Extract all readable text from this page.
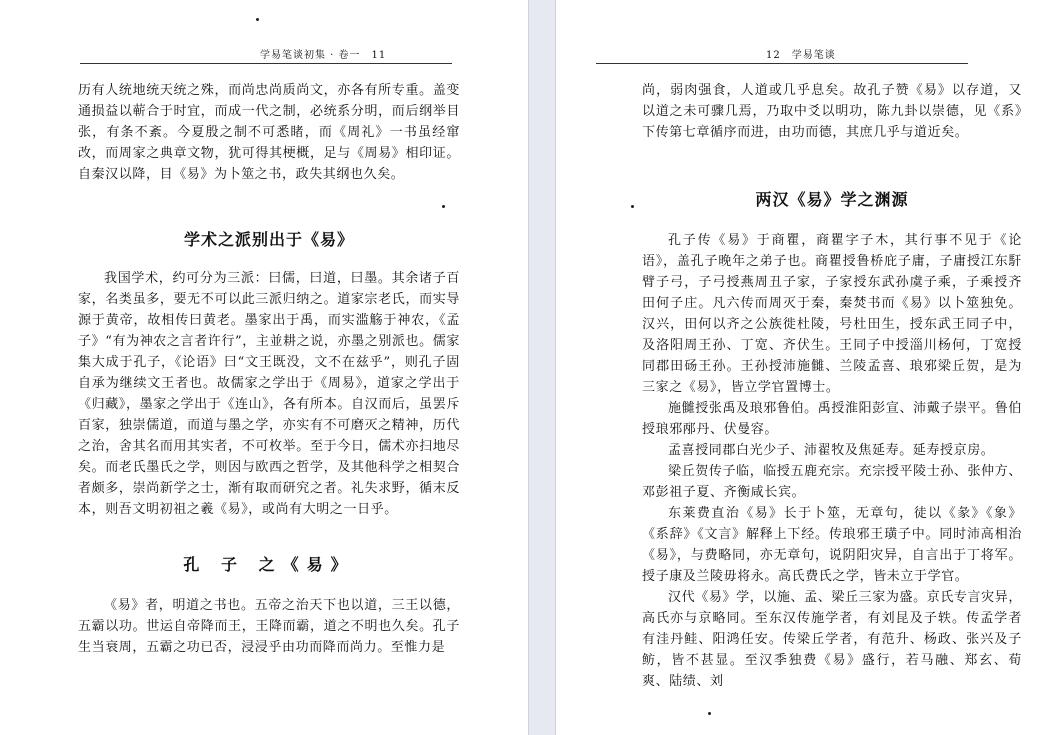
学易笔谈初集 · 卷一　11

历有人统地统天统之殊，而尚忠尚质尚文，亦各有所专重。盖变通损益以蕲合于时宜，而成一代之制，必统系分明，而后纲举目张，有条不紊。今夏殷之制不可悉睹，而《周礼》一书虽经窜改，而周家之典章文物，犹可得其梗概，足与《周易》相印证。自秦汉以降，目《易》为卜筮之书，政失其纲也久矣。

学术之派别出于《易》

我国学术，约可分为三派：曰儒，曰道，曰墨。其余诸子百家，名类虽多，要无不可以此三派归纳之。道家宗老氏，而实导源于黄帝，故相传曰黄老。墨家出于禹，而实滥觞于神农，《孟子》“有为神农之言者许行”，主並耕之说，亦墨之别派也。儒家集大成于孔子，《论语》曰“文王既没，文不在兹乎”，则孔子固自承为继续文王者也。故儒家之学出于《周易》，道家之学出于《归藏》，墨家之学出于《连山》，各有所本。自汉而后，虽罢斥百家，独崇儒道，而道与墨之学，亦实有不可磨灭之精神，历代之治，舍其名而用其实者，不可枚举。至于今日，儒术亦扫地尽矣。而老氏墨氏之学，则因与欧西之哲学，及其他科学之相契合者颇多，崇尚新学之士，渐有取而研究之者。礼失求野，循末反本，则吾文明初祖之羲《易》，或尚有大明之一日乎。

孔 子 之《易》

《易》者，明道之书也。五帝之治天下也以道，三王以德，五霸以功。世运自帝降而王，王降而霸，道之不明也久矣。孔子生当衰周，五霸之功已否，浸浸乎由功而降而尚力。至惟力是

12　学易笔谈

尚，弱肉强食，人道或几乎息矣。故孔子赞《易》以存道，又以道之未可骤几焉，乃取中爻以明功，陈九卦以崇德，见《系》下传第七章循序而进，由功而德，其庶几乎与道近矣。

两汉《易》学之渊源

孔子传《易》于商瞿，商瞿字子木，其行事不见于《论语》，盖孔子晚年之弟子也。商瞿授鲁桥庇子庸，子庸授江东馯臂子弓，子弓授燕周丑子家，子家授东武孙虞子乘，子乘授齐田何子庄。凡六传而周灭于秦，秦焚书而《易》以卜筮独免。汉兴，田何以齐之公族徙杜陵，号杜田生，授东武王同子中，及洛阳周王孙、丁宽、齐伏生。王同子中授淄川杨何，丁宽授同郡田砀王孙。王孙授沛施雠、兰陵孟喜、琅邪梁丘贺，是为三家之《易》，皆立学官置博士。

施雠授张禹及琅邪鲁伯。禹授淮阳彭宣、沛戴子崇平。鲁伯授琅邪邴丹、伏曼容。

孟喜授同郡白光少子、沛翟牧及焦延寿。延寿授京房。

梁丘贺传子临，临授五鹿充宗。充宗授平陵士孙、张仲方、邓彭祖子夏、齐衡咸长宾。

东莱费直治《易》长于卜筮，无章句，徒以《彖》《象》《系辞》《文言》解释上下经。传琅邪王璜子中。同时沛高相治《易》，与费略同，亦无章句，说阴阳灾异，自言出于丁将军。授子康及兰陵毋将永。高氏费氏之学，皆未立于学官。

汉代《易》学，以施、孟、梁丘三家为盛。京氏专言灾异，高氏亦与京略同。至东汉传施学者，有刘昆及子轶。传孟学者有洼丹鲑、阳鸿任安。传梁丘学者，有范升、杨政、张兴及子鲂，皆不甚显。至汉季独费《易》盛行，若马融、郑玄、荀爽、陆绩、刘
